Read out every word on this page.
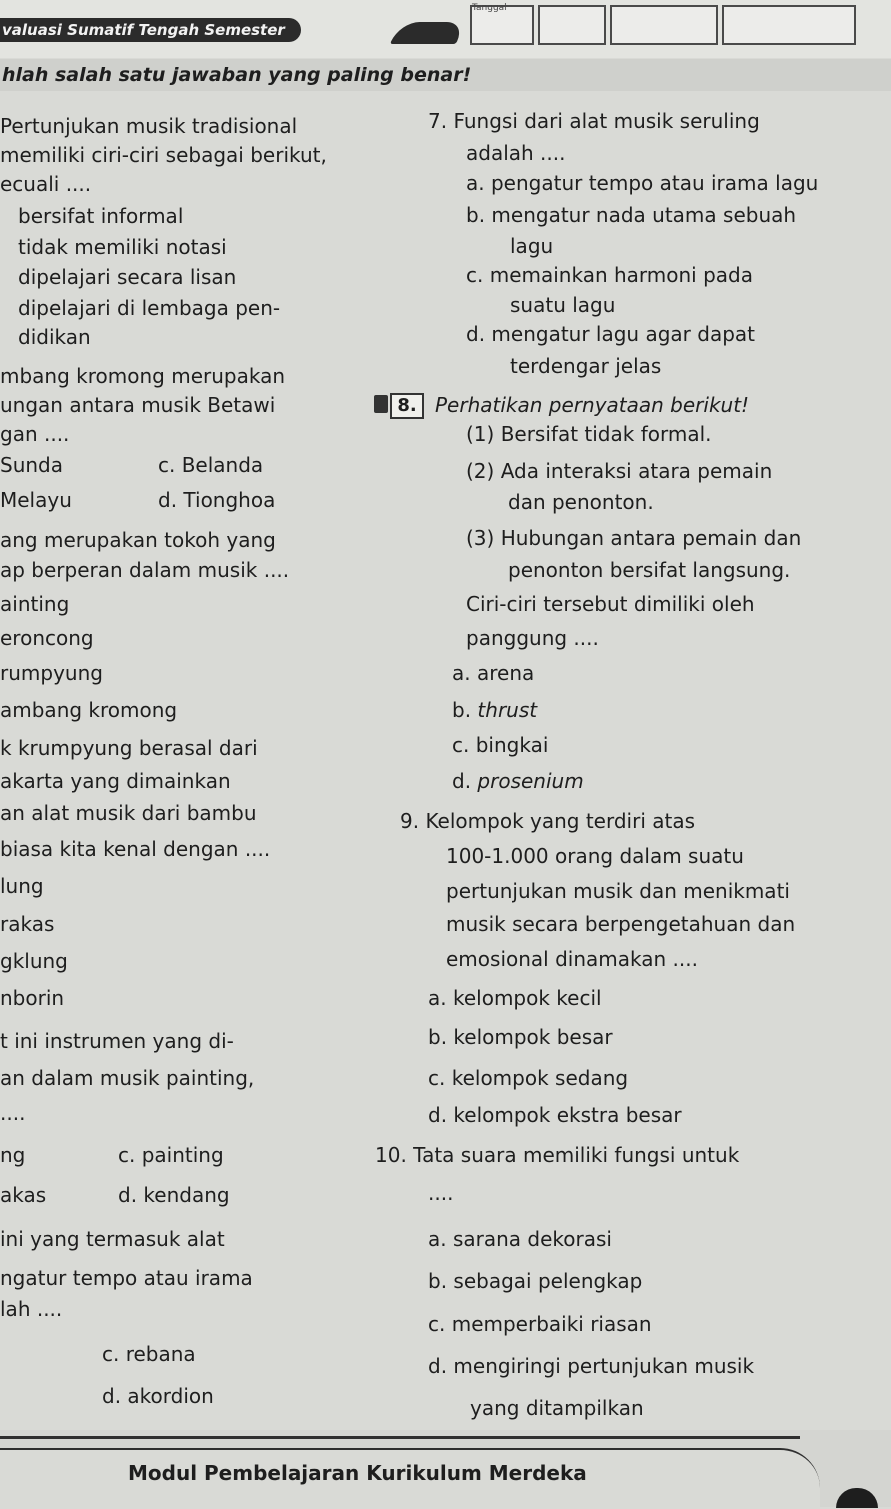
valuasi Sumatif Tengah Semester
Tanggal
hlah salah satu jawaban yang paling benar!
Pertunjukan musik tradisional
memiliki ciri-ciri sebagai berikut,
ecuali ....
bersifat informal
tidak memiliki notasi
dipelajari secara lisan
dipelajari di lembaga pen-
didikan
mbang kromong merupakan
ungan antara musik Betawi
gan ....
Sunda	c. Belanda
Melayu	d. Tionghoa
ang merupakan tokoh yang
ap berperan dalam musik ....
ainting
eroncong
rumpyung
ambang kromong
k krumpyung berasal dari
akarta yang dimainkan
an alat musik dari bambu
biasa kita kenal dengan ....
lung
rakas
gklung
nborin
t ini instrumen yang di-
an dalam musik painting,
....
ng	c. painting
akas	d. kendang
ini yang termasuk alat
ngatur tempo atau irama
lah ....
c. rebana
d. akordion
7. Fungsi dari alat musik seruling
adalah ....
a. pengatur tempo atau irama lagu
b. mengatur nada utama sebuah
lagu
c. memainkan harmoni pada
suatu lagu
d. mengatur lagu agar dapat
terdengar jelas
Perhatikan pernyataan berikut!
(1) Bersifat tidak formal.
(2) Ada interaksi atara pemain
dan penonton.
(3) Hubungan antara pemain dan
penonton bersifat langsung.
Ciri-ciri tersebut dimiliki oleh
panggung ....
a. arena
b. thrust
c. bingkai
d. prosenium
9. Kelompok yang terdiri atas
100-1.000 orang dalam suatu
pertunjukan musik dan menikmati
musik secara berpengetahuan dan
emosional dinamakan ....
a. kelompok kecil
b. kelompok besar
c. kelompok sedang
d. kelompok ekstra besar
10. Tata suara memiliki fungsi untuk
....
a. sarana dekorasi
b. sebagai pelengkap
c. memperbaiki riasan
d. mengiringi pertunjukan musik
yang ditampilkan
8.
Modul Pembelajaran Kurikulum Merdeka
